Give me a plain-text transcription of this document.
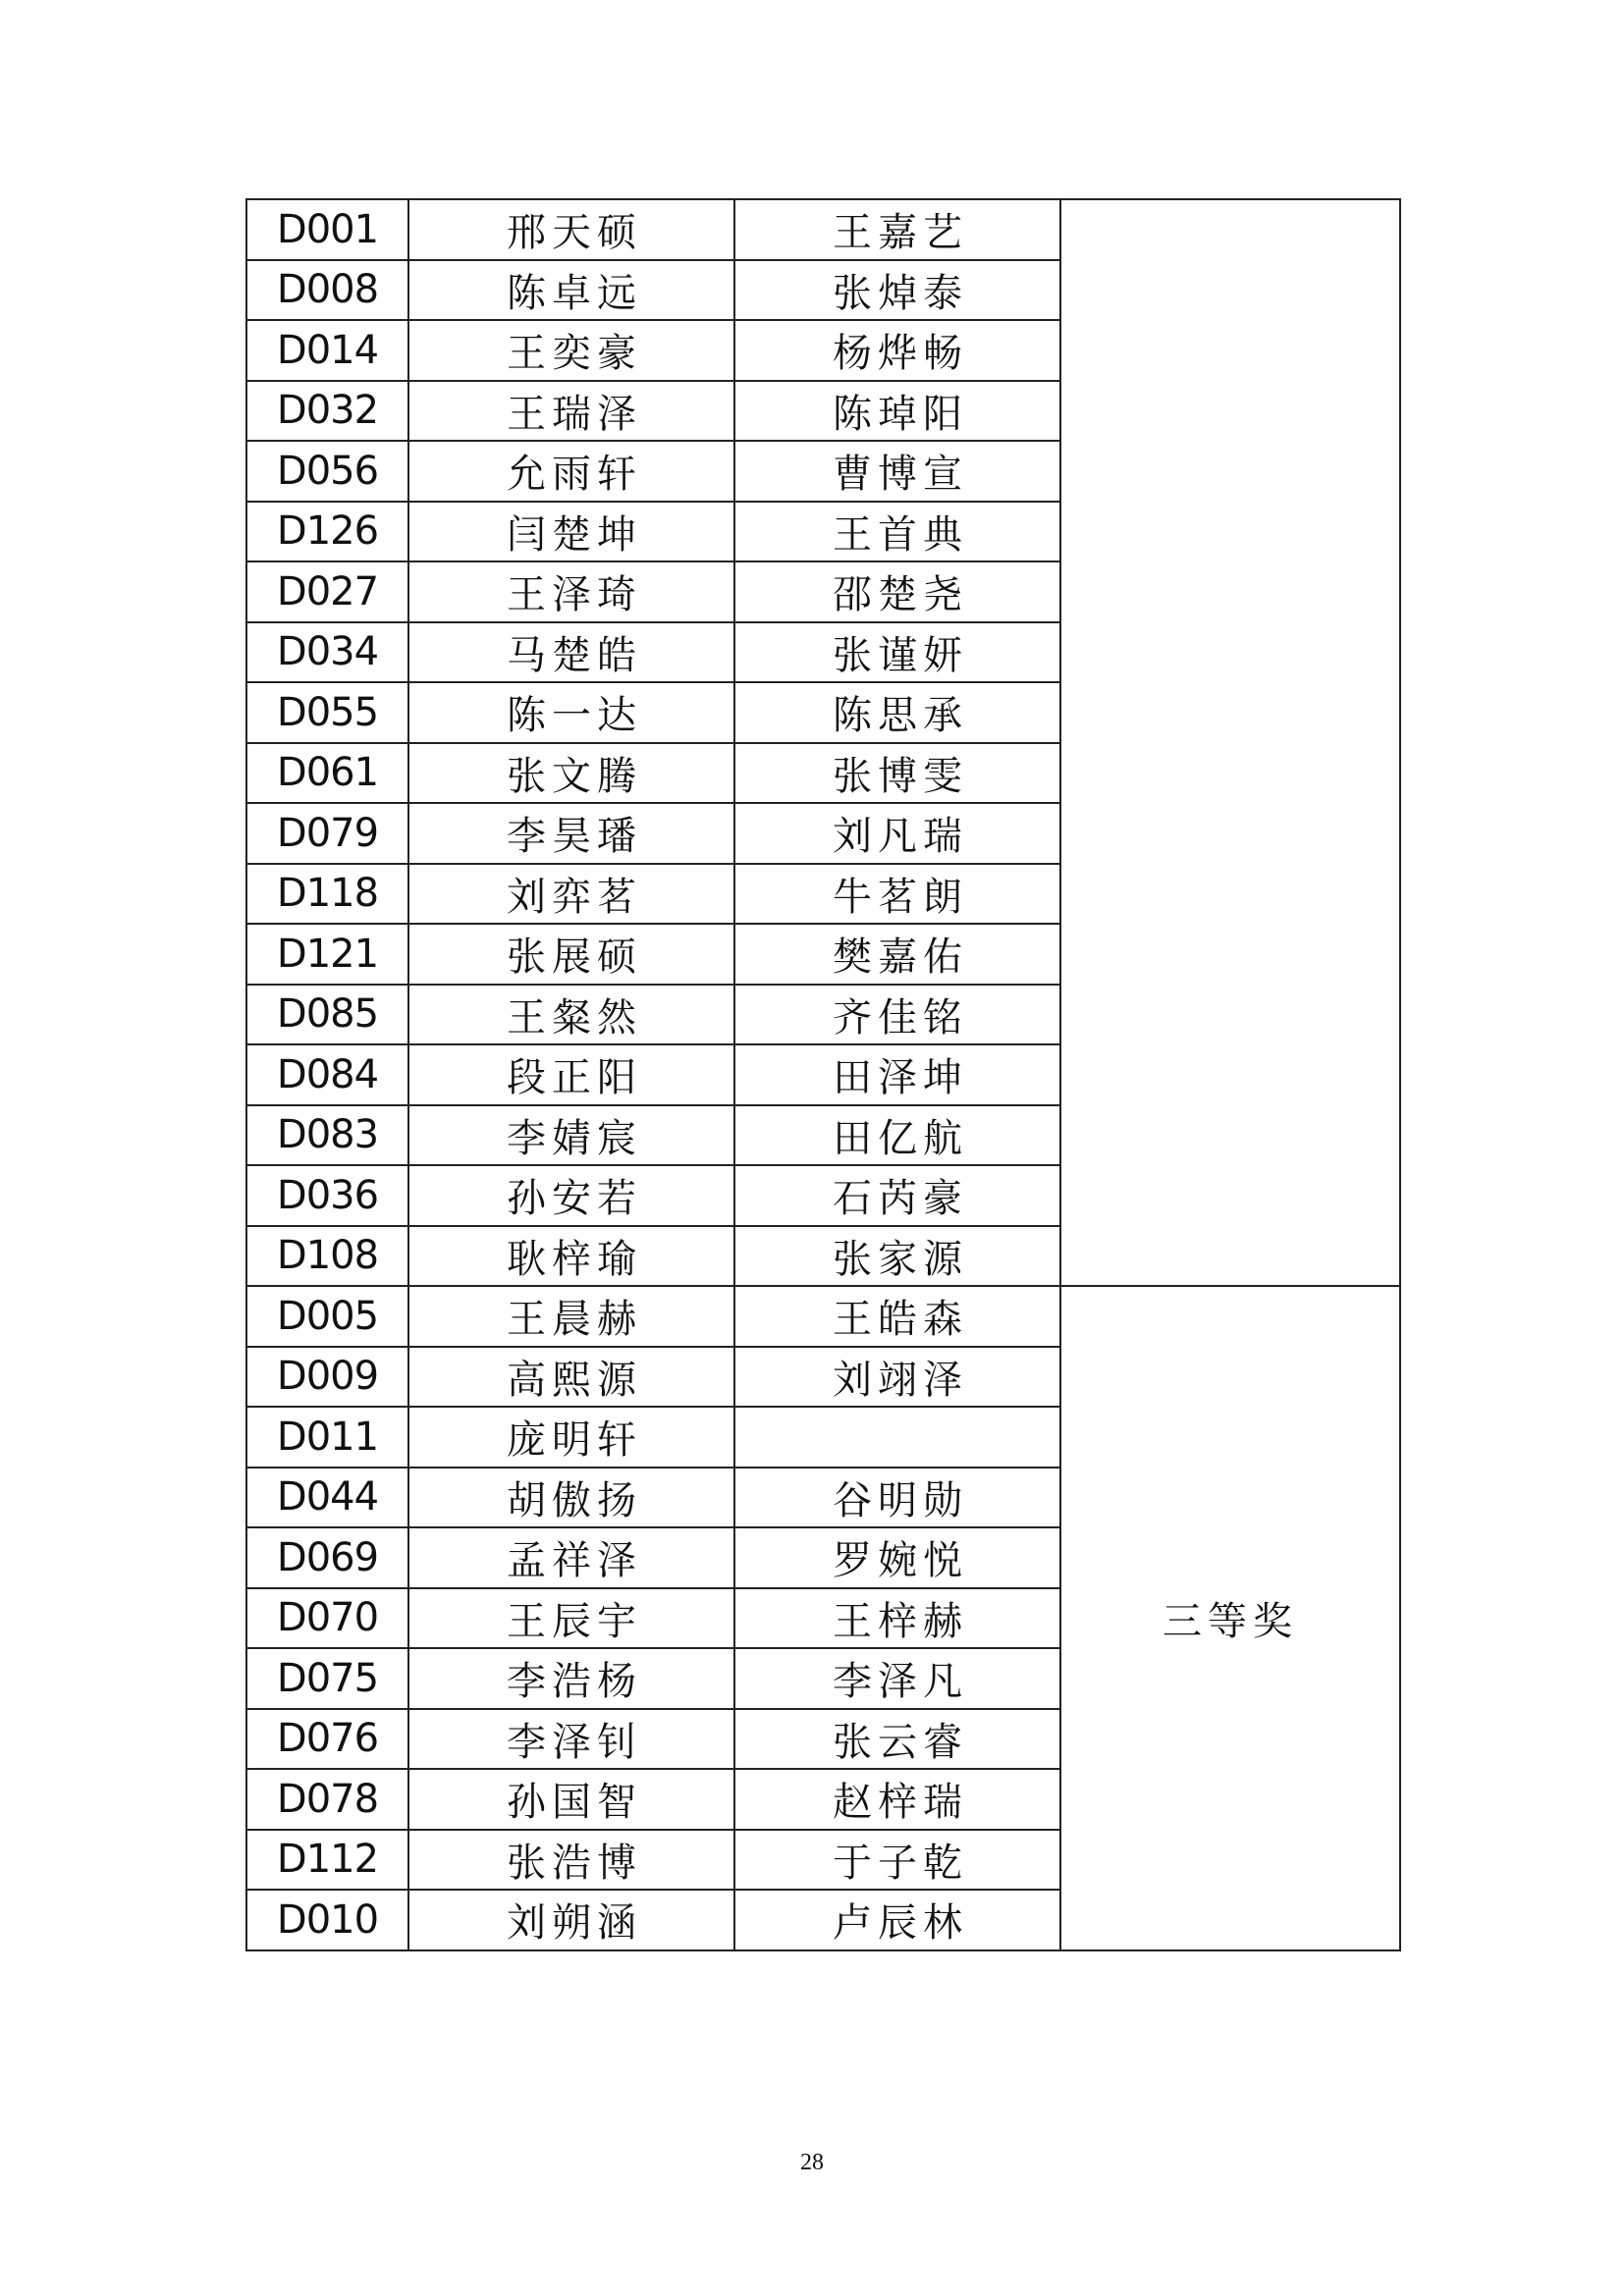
D001	邢天硕	王嘉艺	
D008	陈卓远	张焯泰	
D014	王奕豪	杨烨畅	
D032	王瑞泽	陈琸阳	
D056	允雨轩	曹博宣	
D126	闫楚坤	王首典	
D027	王泽琦	邵楚尧	
D034	马楚皓	张谨妍	
D055	陈一达	陈思承	
D061	张文腾	张博雯	
D079	李昊璠	刘凡瑞	
D118	刘弈茗	牛茗朗	
D121	张展硕	樊嘉佑	
D085	王粲然	齐佳铭	
D084	段正阳	田泽坤	
D083	李婧宸	田亿航	
D036	孙安若	石芮豪	
D108	耿梓瑜	张家源	
D005	王晨赫	王皓森	三等奖
D009	高熙源	刘翊泽	
D011	庞明轩		
D044	胡傲扬	谷明勋	
D069	孟祥泽	罗婉悦	
D070	王辰宇	王梓赫	
D075	李浩杨	李泽凡	
D076	李泽钊	张云睿	
D078	孙国智	赵梓瑞	
D112	张浩博	于子乾	
D010	刘朔涵	卢辰林	
28
